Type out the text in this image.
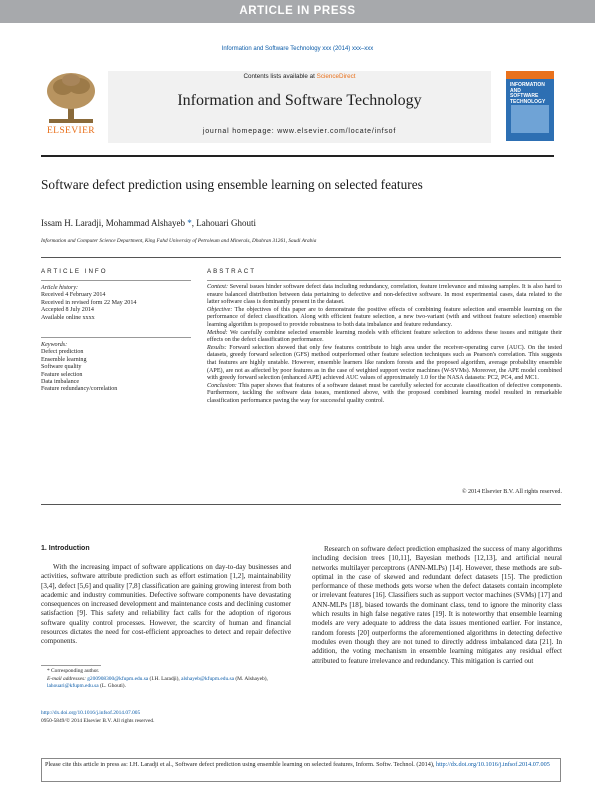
ARTICLE IN PRESS
Information and Software Technology xxx (2014) xxx–xxx
ELSEVIER
Contents lists available at ScienceDirect
Information and Software Technology
journal homepage: www.elsevier.com/locate/infsof
INFORMATION AND SOFTWARE TECHNOLOGY
Software defect prediction using ensemble learning on selected features
Issam H. Laradji, Mohammad Alshayeb *, Lahouari Ghouti
Information and Computer Science Department, King Fahd University of Petroleum and Minerals, Dhahran 31261, Saudi Arabia
ARTICLE INFO
Article history:
Received 4 February 2014
Received in revised form 22 May 2014
Accepted 8 July 2014
Available online xxxx
Keywords:
Defect prediction
Ensemble learning
Software quality
Feature selection
Data imbalance
Feature redundancy/correlation
ABSTRACT

Context: Several issues hinder software defect data including redundancy, correlation, feature irrelevance and missing samples. It is also hard to ensure balanced distribution between data pertaining to defective and non-defective software. In most experimental cases, data related to the latter software class is dominantly present in the dataset.

Objective: The objectives of this paper are to demonstrate the positive effects of combining feature selection and ensemble learning on the performance of defect classification. Along with efficient feature selection, a new two-variant (with and without feature selection) ensemble learning algorithm is proposed to provide robustness to both data imbalance and feature redundancy.

Method: We carefully combine selected ensemble learning models with efficient feature selection to address these issues and mitigate their effects on the defect classification performance.

Results: Forward selection showed that only few features contribute to high area under the receiver-operating curve (AUC). On the tested datasets, greedy forward selection (GFS) method outperformed other feature selection techniques such as Pearson's correlation. This suggests that features are highly unstable. However, ensemble learners like random forests and the proposed algorithm, average probability ensemble (APE), are not as affected by poor features as in the case of weighted support vector machines (W-SVMs). Moreover, the APE model combined with greedy forward selection (enhanced APE) achieved AUC values of approximately 1.0 for the NASA datasets: PC2, PC4, and MC1.

Conclusion: This paper shows that features of a software dataset must be carefully selected for accurate classification of defective components. Furthermore, tackling the software data issues, mentioned above, with the proposed combined learning model resulted in remarkable classification performance paving the way for successful quality control.

© 2014 Elsevier B.V. All rights reserved.
1. Introduction

With the increasing impact of software applications on day-to-day businesses and activities, software attribute prediction such as effort estimation [1,2], maintainability [3,4], defect [5,6] and quality [7,8] classification are gaining growing interest from both academic and industry communities. Defective software components have devastating consequences on increased development and maintenance costs and declining customer satisfaction [9]. This safety and reliability fact calls for the adoption of rigorous software quality control processes. However, the scarcity of human and financial resources dictates the need for cost-efficient approaches to detect and repair defective components.

Research on software defect prediction emphasized the success of many algorithms including decision trees [10,11], Bayesian methods [12,13], and artificial neural networks multilayer perceptrons (ANN-MLPs) [14]. However, these methods are sub-optimal in the case of skewed and redundant defect datasets [15]. The prediction performance of these methods gets worse when the defect datasets contain incomplete or irrelevant features [16]. Classifiers such as support vector machines (SVMs) [17] and ANN-MLPs [18], biased towards the dominant class, tend to ignore the minority class which results in high false negative rates [19]. It is noteworthy that ensemble learning models are very adequate to address the data issues mentioned earlier. For instance, random forests [20] outperforms the aforementioned algorithms in detecting defective modules even though they are not tuned to directly address imbalanced data [21]. In addition, the voting mechanism in ensemble learning mitigates any residual effect attributed to feature irrelevance and redundancy. This mitigation is carried out

* Corresponding author.
E-mail addresses: g200908300@kfupm.edu.sa (I.H. Laradji), alshayeb@kfupm.edu.sa (M. Alshayeb), lahouari@kfupm.edu.sa (L. Ghouti).
http://dx.doi.org/10.1016/j.infsof.2014.07.005
0950-5849/© 2014 Elsevier B.V. All rights reserved.
Please cite this article in press as: I.H. Laradji et al., Software defect prediction using ensemble learning on selected features, Inform. Softw. Technol. (2014), http://dx.doi.org/10.1016/j.infsof.2014.07.005
